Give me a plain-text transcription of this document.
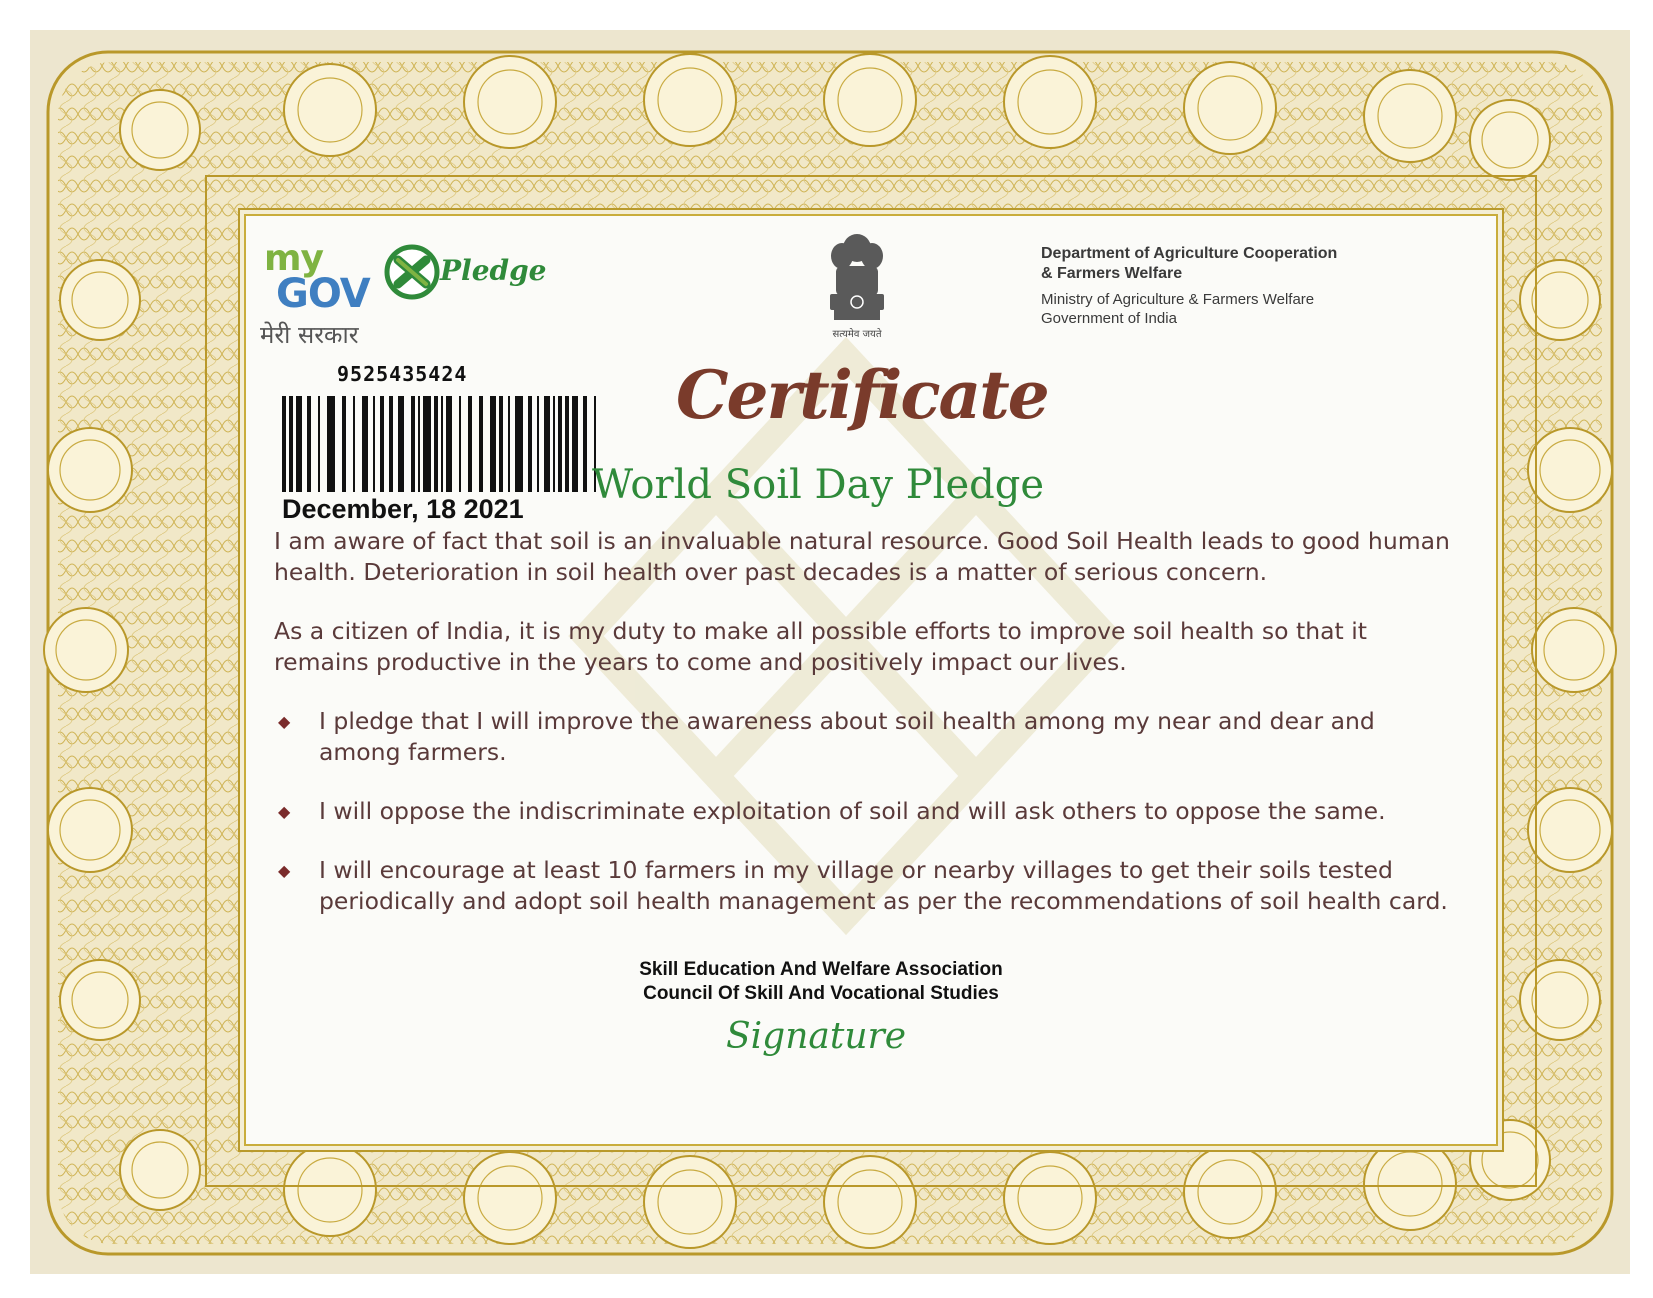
my
GOV
मेरी सरकार
Pledge
सत्यमेव जयते
Department of Agriculture Cooperation
& Farmers Welfare
Ministry of Agriculture & Farmers Welfare
Government of India
9525435424
December, 18 2021
Certificate
World Soil Day Pledge

I am aware of fact that soil is an invaluable natural resource. Good Soil Health leads to good human health. Deterioration in soil health over past decades is a matter of serious concern.

As a citizen of India, it is my duty to make all possible efforts to improve soil health so that it remains productive in the years to come and positively impact our lives.

◆ I pledge that I will improve the awareness about soil health among my near and dear and among farmers.
◆ I will oppose the indiscriminate exploitation of soil and will ask others to oppose the same.
◆ I will encourage at least 10 farmers in my village or nearby villages to get their soils tested periodically and adopt soil health management as per the recommendations of soil health card.
Skill Education And Welfare Association
Council Of Skill And Vocational Studies
Signature
